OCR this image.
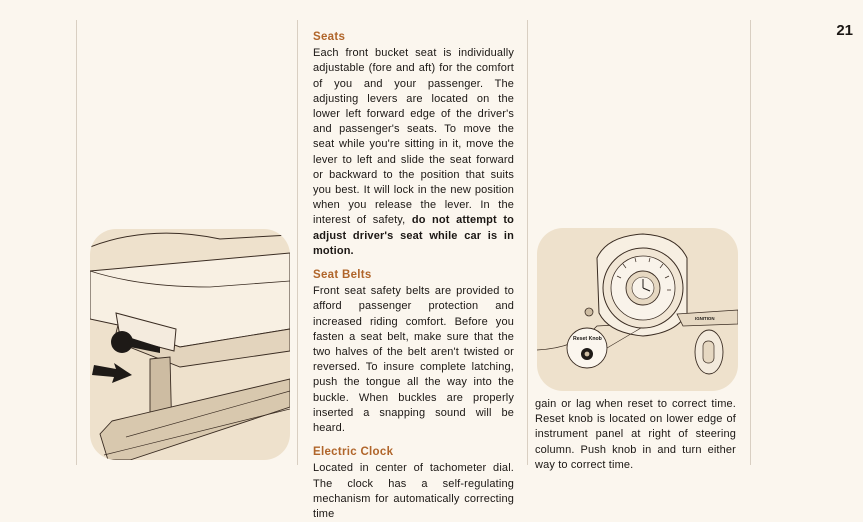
21
Seats

Each front bucket seat is individually adjustable (fore and aft) for the comfort of you and your passenger. The adjusting levers are located on the lower left forward edge of the driver's and passenger's seats. To move the seat while you're sitting in it, move the lever to left and slide the seat forward or backward to the position that suits you best. It will lock in the new position when you release the lever. In the interest of safety, do not attempt to adjust driver's seat while car is in motion.

Seat Belts

Front seat safety belts are provided to afford passenger protection and increased riding comfort. Before you fasten a seat belt, make sure that the two halves of the belt aren't twisted or reversed. To insure complete latching, push the tongue all the way into the buckle. When buckles are properly inserted a snapping sound will be heard.

Electric Clock

Located in center of tachometer dial. The clock has a self-regulating mechanism for automatically correcting time

IGNITION
Reset Knob

gain or lag when reset to correct time. Reset knob is located on lower edge of instrument panel at right of steering column. Push knob in and turn either way to correct time.
